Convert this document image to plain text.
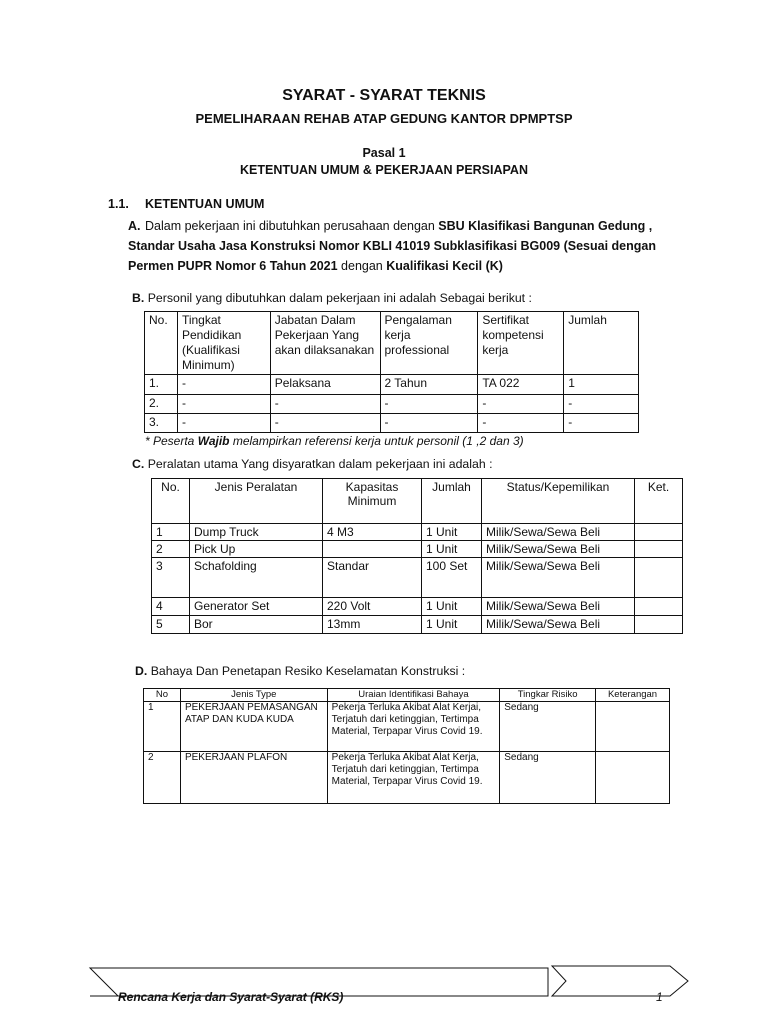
SYARAT - SYARAT TEKNIS
PEMELIHARAAN REHAB ATAP GEDUNG KANTOR DPMPTSP
Pasal 1
KETENTUAN UMUM & PEKERJAAN PERSIAPAN
1.1. KETENTUAN UMUM
A. Dalam pekerjaan ini dibutuhkan perusahaan dengan SBU Klasifikasi Bangunan Gedung , Standar Usaha Jasa Konstruksi Nomor KBLI 41019 Subklasifikasi BG009 (Sesuai dengan Permen PUPR Nomor 6 Tahun 2021 dengan Kualifikasi Kecil (K)
B. Personil yang dibutuhkan dalam pekerjaan ini adalah Sebagai berikut :
No.	Tingkat Pendidikan (Kualifikasi Minimum)	Jabatan Dalam Pekerjaan Yang akan dilaksanakan	Pengalaman kerja professional	Sertifikat kompetensi kerja	Jumlah
1.	-	Pelaksana	2 Tahun	TA 022	1
2.	-	-	-	-	-
3.	-	-	-	-	-
* Peserta Wajib melampirkan referensi kerja untuk personil (1 ,2 dan 3)
C. Peralatan utama Yang disyaratkan dalam pekerjaan ini adalah :
No.	Jenis Peralatan	Kapasitas Minimum	Jumlah	Status/Kepemilikan	Ket.
1	Dump Truck	4 M3	1 Unit	Milik/Sewa/Sewa Beli	
2	Pick Up		1 Unit	Milik/Sewa/Sewa Beli	
3	Schafolding	Standar	100 Set	Milik/Sewa/Sewa Beli	
4	Generator Set	220 Volt	1 Unit	Milik/Sewa/Sewa Beli	
5	Bor	13mm	1 Unit	Milik/Sewa/Sewa Beli	
D. Bahaya Dan Penetapan Resiko Keselamatan Konstruksi :
No	Jenis Type	Uraian Identifikasi Bahaya	Tingkar Risiko	Keterangan
1	PEKERJAAN PEMASANGAN ATAP DAN KUDA KUDA	Pekerja Terluka Akibat Alat Kerjai, Terjatuh dari ketinggian, Tertimpa Material, Terpapar Virus Covid 19.	Sedang	
2	PEKERJAAN PLAFON	Pekerja Terluka Akibat Alat Kerja, Terjatuh dari ketinggian, Tertimpa Material, Terpapar Virus Covid 19.	Sedang	
Rencana Kerja dan Syarat-Syarat (RKS)	1
